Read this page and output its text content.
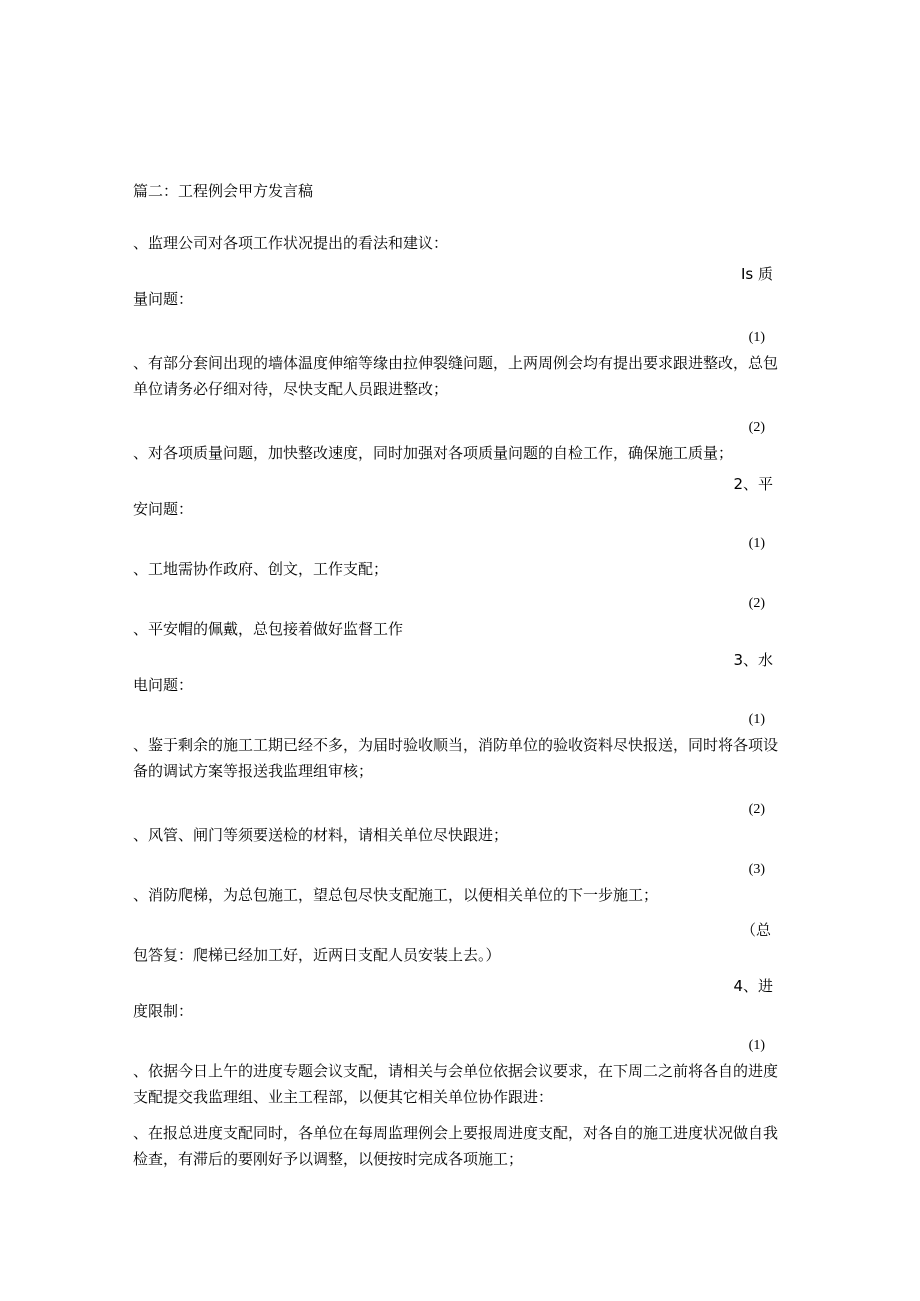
篇二：工程例会甲方发言稿

、监理公司对各项工作状况提出的看法和建议：

Is 质

量问题：

(1)

、有部分套间出现的墙体温度伸缩等缘由拉伸裂缝问题，上两周例会均有提出要求跟进整改，总包单位请务必仔细对待，尽快支配人员跟进整改；

(2)

、对各项质量问题，加快整改速度，同时加强对各项质量问题的自检工作，确保施工质量；

2、平

安问题：

(1)

、工地需协作政府、创文，工作支配；

(2)

、平安帽的佩戴，总包接着做好监督工作

3、水

电问题：

(1)

、鉴于剩余的施工工期已经不多，为届时验收顺当，消防单位的验收资料尽快报送，同时将各项设备的调试方案等报送我监理组审核；

(2)

、风管、闸门等须要送检的材料，请相关单位尽快跟进；

(3)

、消防爬梯，为总包施工，望总包尽快支配施工，以便相关单位的下一步施工；

（总

包答复：爬梯已经加工好，近两日支配人员安装上去。）

4、进

度限制：

(1)

、依据今日上午的进度专题会议支配，请相关与会单位依据会议要求，在下周二之前将各自的进度支配提交我监理组、业主工程部，以便其它相关单位协作跟进：

、在报总进度支配同时，各单位在每周监理例会上要报周进度支配，对各自的施工进度状况做自我检查，有滞后的要刚好予以调整，以便按时完成各项施工；
